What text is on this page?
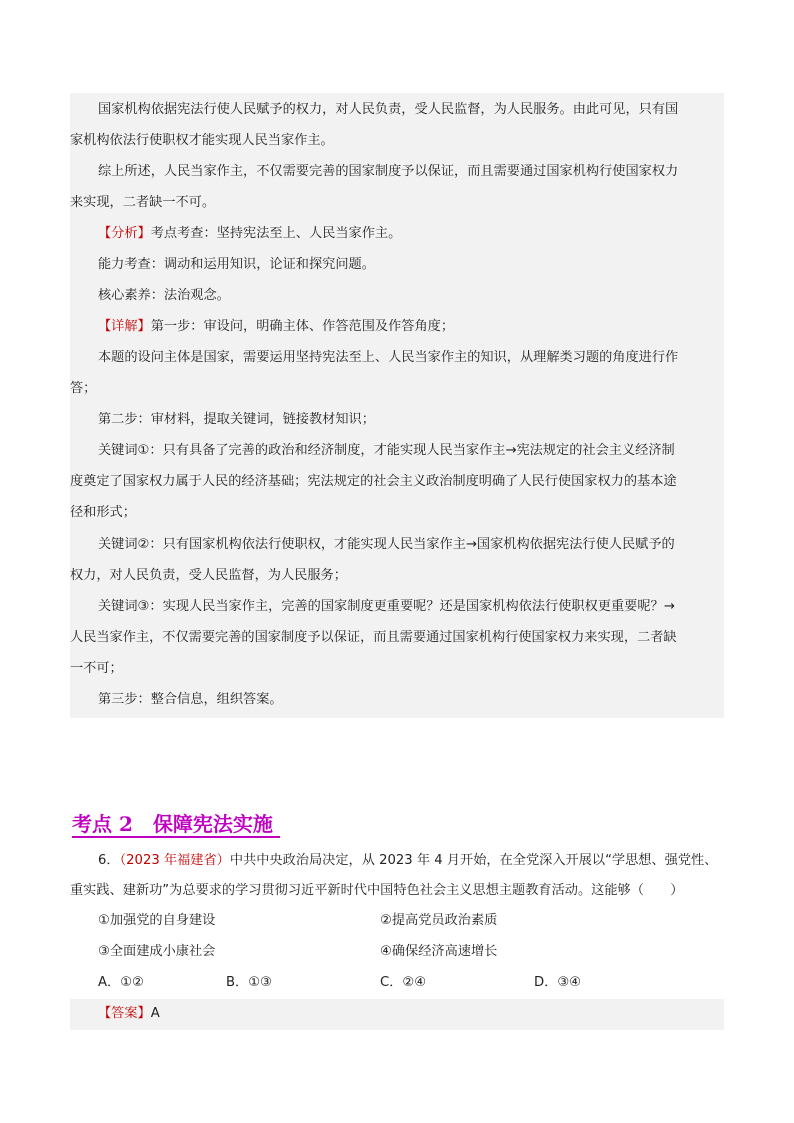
国家机构依据宪法行使人民赋予的权力，对人民负责，受人民监督，为人民服务。由此可见，只有国
家机构依法行使职权才能实现人民当家作主。
综上所述，人民当家作主，不仅需要完善的国家制度予以保证，而且需要通过国家机构行使国家权力
来实现，二者缺一不可。
【分析】考点考查：坚持宪法至上、人民当家作主。
能力考查：调动和运用知识，论证和探究问题。
核心素养：法治观念。
【详解】第一步：审设问，明确主体、作答范围及作答角度；
本题的设问主体是国家，需要运用坚持宪法至上、人民当家作主的知识，从理解类习题的角度进行作
答；
第二步：审材料，提取关键词，链接教材知识；
关键词①：只有具备了完善的政治和经济制度，才能实现人民当家作主→宪法规定的社会主义经济制
度奠定了国家权力属于人民的经济基础；宪法规定的社会主义政治制度明确了人民行使国家权力的基本途
径和形式；
关键词②：只有国家机构依法行使职权，才能实现人民当家作主→国家机构依据宪法行使人民赋予的
权力，对人民负责，受人民监督，为人民服务；
关键词③：实现人民当家作主，完善的国家制度更重要呢？还是国家机构依法行使职权更重要呢？→
人民当家作主，不仅需要完善的国家制度予以保证，而且需要通过国家机构行使国家权力来实现，二者缺
一不可；
第三步：整合信息，组织答案。
考点 2　保障宪法实施
6．（2023 年福建省）中共中央政治局决定，从 2023 年 4 月开始，在全党深入开展以“学思想、强党性、
重实践、建新功”为总要求的学习贯彻习近平新时代中国特色社会主义思想主题教育活动。这能够（　　）
①加强党的自身建设	②提高党员政治素质
③全面建成小康社会	④确保经济高速增长
A．①②	B．①③	C．②④	D．③④
【答案】A
